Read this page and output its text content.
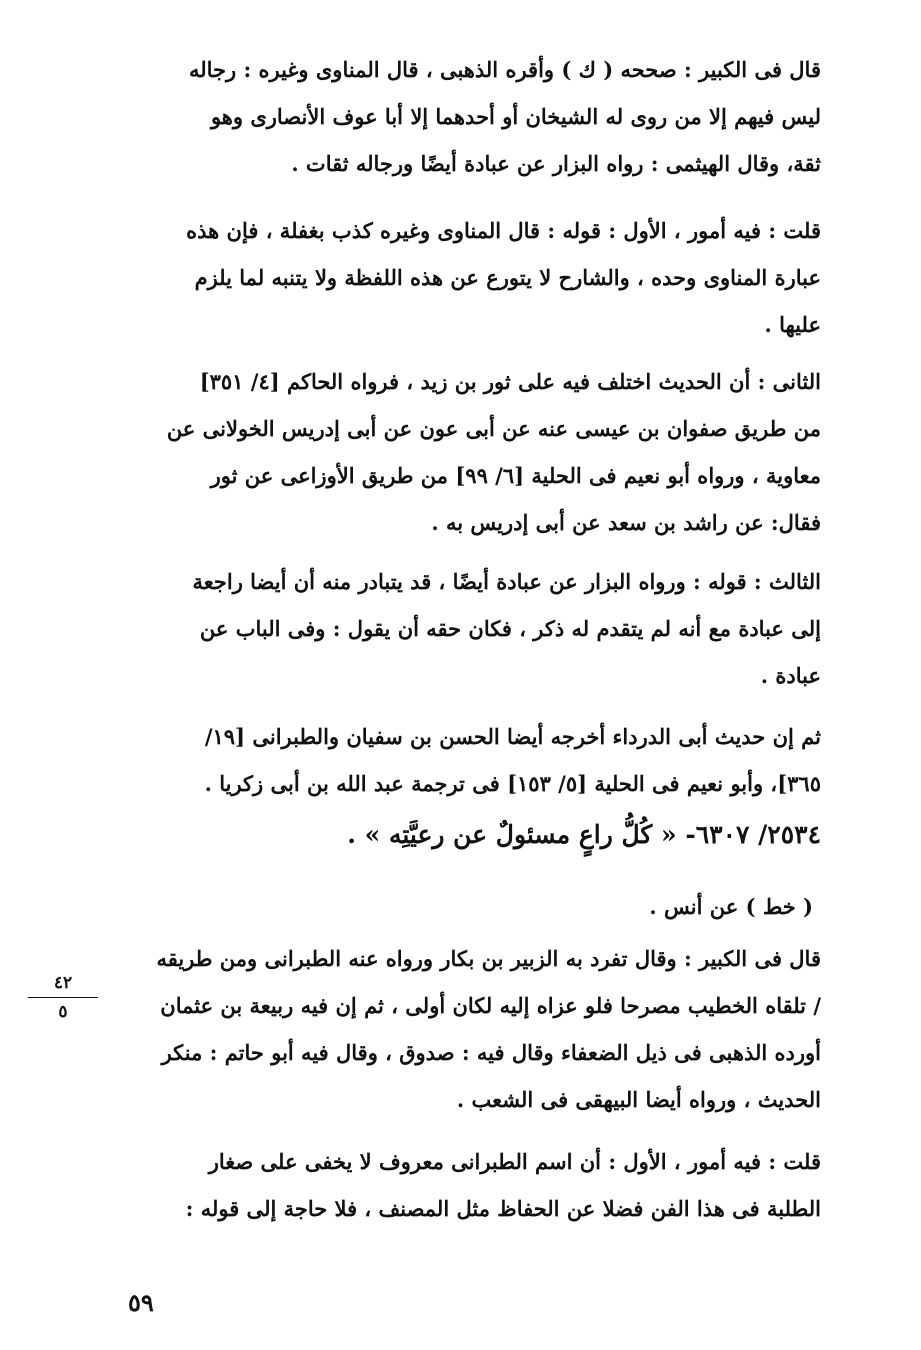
قال فى الكبير : صححه ( ك ) وأقره الذهبى ، قال المناوى وغيره : رجاله
ليس فيهم إلا من روى له الشيخان أو أحدهما إلا أبا عوف الأنصارى وهو
ثقة، وقال الهيثمى : رواه البزار عن عبادة أيضًا ورجاله ثقات .
قلت : فيه أمور ، الأول : قوله : قال المناوى وغيره كذب بغفلة ، فإن هذه
عبارة المناوى وحده ، والشارح لا يتورع عن هذه اللفظة ولا يتنبه لما يلزم
عليها .
الثانى : أن الحديث اختلف فيه على ثور بن زيد ، فرواه الحاكم [٤/ ٣٥١]
من طريق صفوان بن عيسى عنه عن أبى عون عن أبى إدريس الخولانى عن
معاوية ، ورواه أبو نعيم فى الحلية [٦/ ٩٩] من طريق الأوزاعى عن ثور
فقال: عن راشد بن سعد عن أبى إدريس به .
الثالث : قوله : ورواه البزار عن عبادة أيضًا ، قد يتبادر منه أن أيضا راجعة
إلى عبادة مع أنه لم يتقدم له ذكر ، فكان حقه أن يقول : وفى الباب عن
عبادة .
ثم إن حديث أبى الدرداء أخرجه أيضا الحسن بن سفيان والطبرانى [١٩/
٣٦٥]، وأبو نعيم فى الحلية [٥/ ١٥٣] فى ترجمة عبد الله بن أبى زكريا .
٢٥٣٤/ ٦٣٠٧- « كُلُّ راعٍ مسئولٌ عن رعيَّتِه » .
( خط ) عن أنس .
قال فى الكبير : وقال تفرد به الزبير بن بكار ورواه عنه الطبرانى ومن طريقه
/ تلقاه الخطيب مصرحا فلو عزاه إليه لكان أولى ، ثم إن فيه ربيعة بن عثمان
أورده الذهبى فى ذيل الضعفاء وقال فيه : صدوق ، وقال فيه أبو حاتم : منكر
الحديث ، ورواه أيضا البيهقى فى الشعب .
قلت : فيه أمور ، الأول : أن اسم الطبرانى معروف لا يخفى على صغار
الطلبة فى هذا الفن فضلا عن الحفاظ مثل المصنف ، فلا حاجة إلى قوله :
٤٢
٥
٥٩
